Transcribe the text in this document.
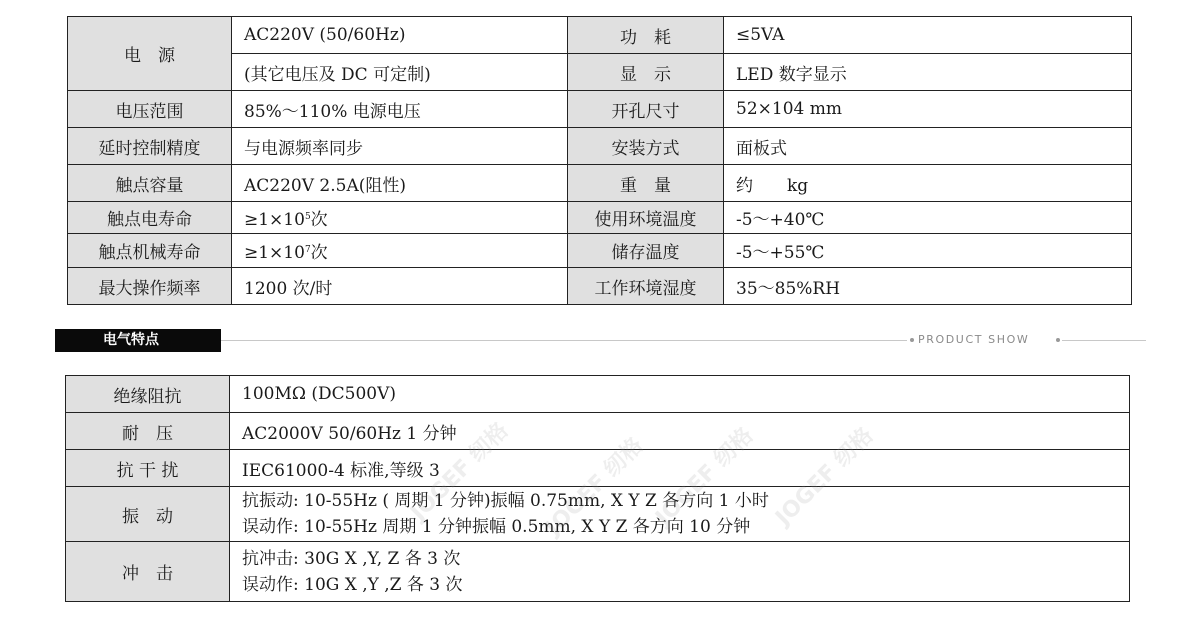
电　源	AC220V (50/60Hz)	功　耗	≤5VA
	(其它电压及 DC 可定制)	显　示	LED 数字显示
电压范围	85%～110% 电源电压	开孔尺寸	52×104 mm
延时控制精度	与电源频率同步	安装方式	面板式
触点容量	AC220V 2.5A(阻性)	重　量	约　　kg
触点电寿命	$\ge 1\times 10^5$次	使用环境温度	-5～+40℃
触点机械寿命	$\ge 1\times 10^7$次	储存温度	-5～+55℃
最大操作频率	1200 次/时	工作环境湿度	35～85%RH
电气特点	PRODUCT SHOW
绝缘阻抗	100MΩ (DC500V)
耐　压	AC2000V 50/60Hz 1 分钟
抗 干 扰	IEC61000-4 标准,等级 3
振　动	抗振动: 10-55Hz ( 周期 1 分钟)振幅 0.75mm, X Y Z 各方向 1 小时
误动作: 10-55Hz 周期 1 分钟振幅 0.5mm, X Y Z 各方向 10 分钟

冲　击	抗冲击: 30G X ,Y, Z 各 3 次
误动作: 10G X ,Y ,Z 各 3 次
JOGEF 纫格 JOGEF 纫格 JOGEF 纫格 JOGEF 纫格
